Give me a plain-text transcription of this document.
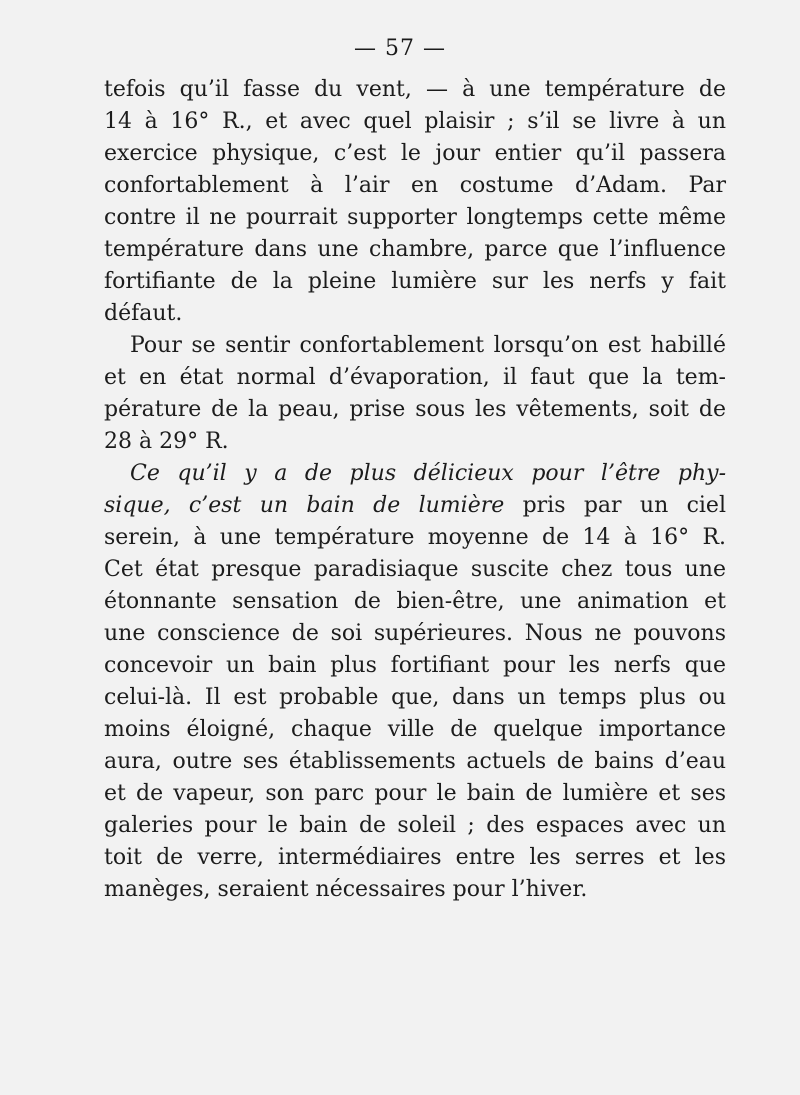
— 57 —
tefois qu’il fasse du vent, — à une température de
14 à 16° R., et avec quel plaisir ; s’il se livre à un
exercice physique, c’est le jour entier qu’il passera
confortablement à l’air en costume d’Adam. Par
contre il ne pourrait supporter longtemps cette même
température dans une chambre, parce que l’influence
fortifiante de la pleine lumière sur les nerfs y fait
défaut.
Pour se sentir confortablement lorsqu’on est habillé
et en état normal d’évaporation, il faut que la tem-
pérature de la peau, prise sous les vêtements, soit de
28 à 29° R.
Ce qu’il y a de plus délicieux pour l’être phy-
sique, c’est un bain de lumière pris par un ciel
serein, à une température moyenne de 14 à 16° R.
Cet état presque paradisiaque suscite chez tous une
étonnante sensation de bien-être, une animation et
une conscience de soi supérieures. Nous ne pouvons
concevoir un bain plus fortifiant pour les nerfs que
celui-là. Il est probable que, dans un temps plus ou
moins éloigné, chaque ville de quelque importance
aura, outre ses établissements actuels de bains d’eau
et de vapeur, son parc pour le bain de lumière et ses
galeries pour le bain de soleil ; des espaces avec un
toit de verre, intermédiaires entre les serres et les
manèges, seraient nécessaires pour l’hiver.
